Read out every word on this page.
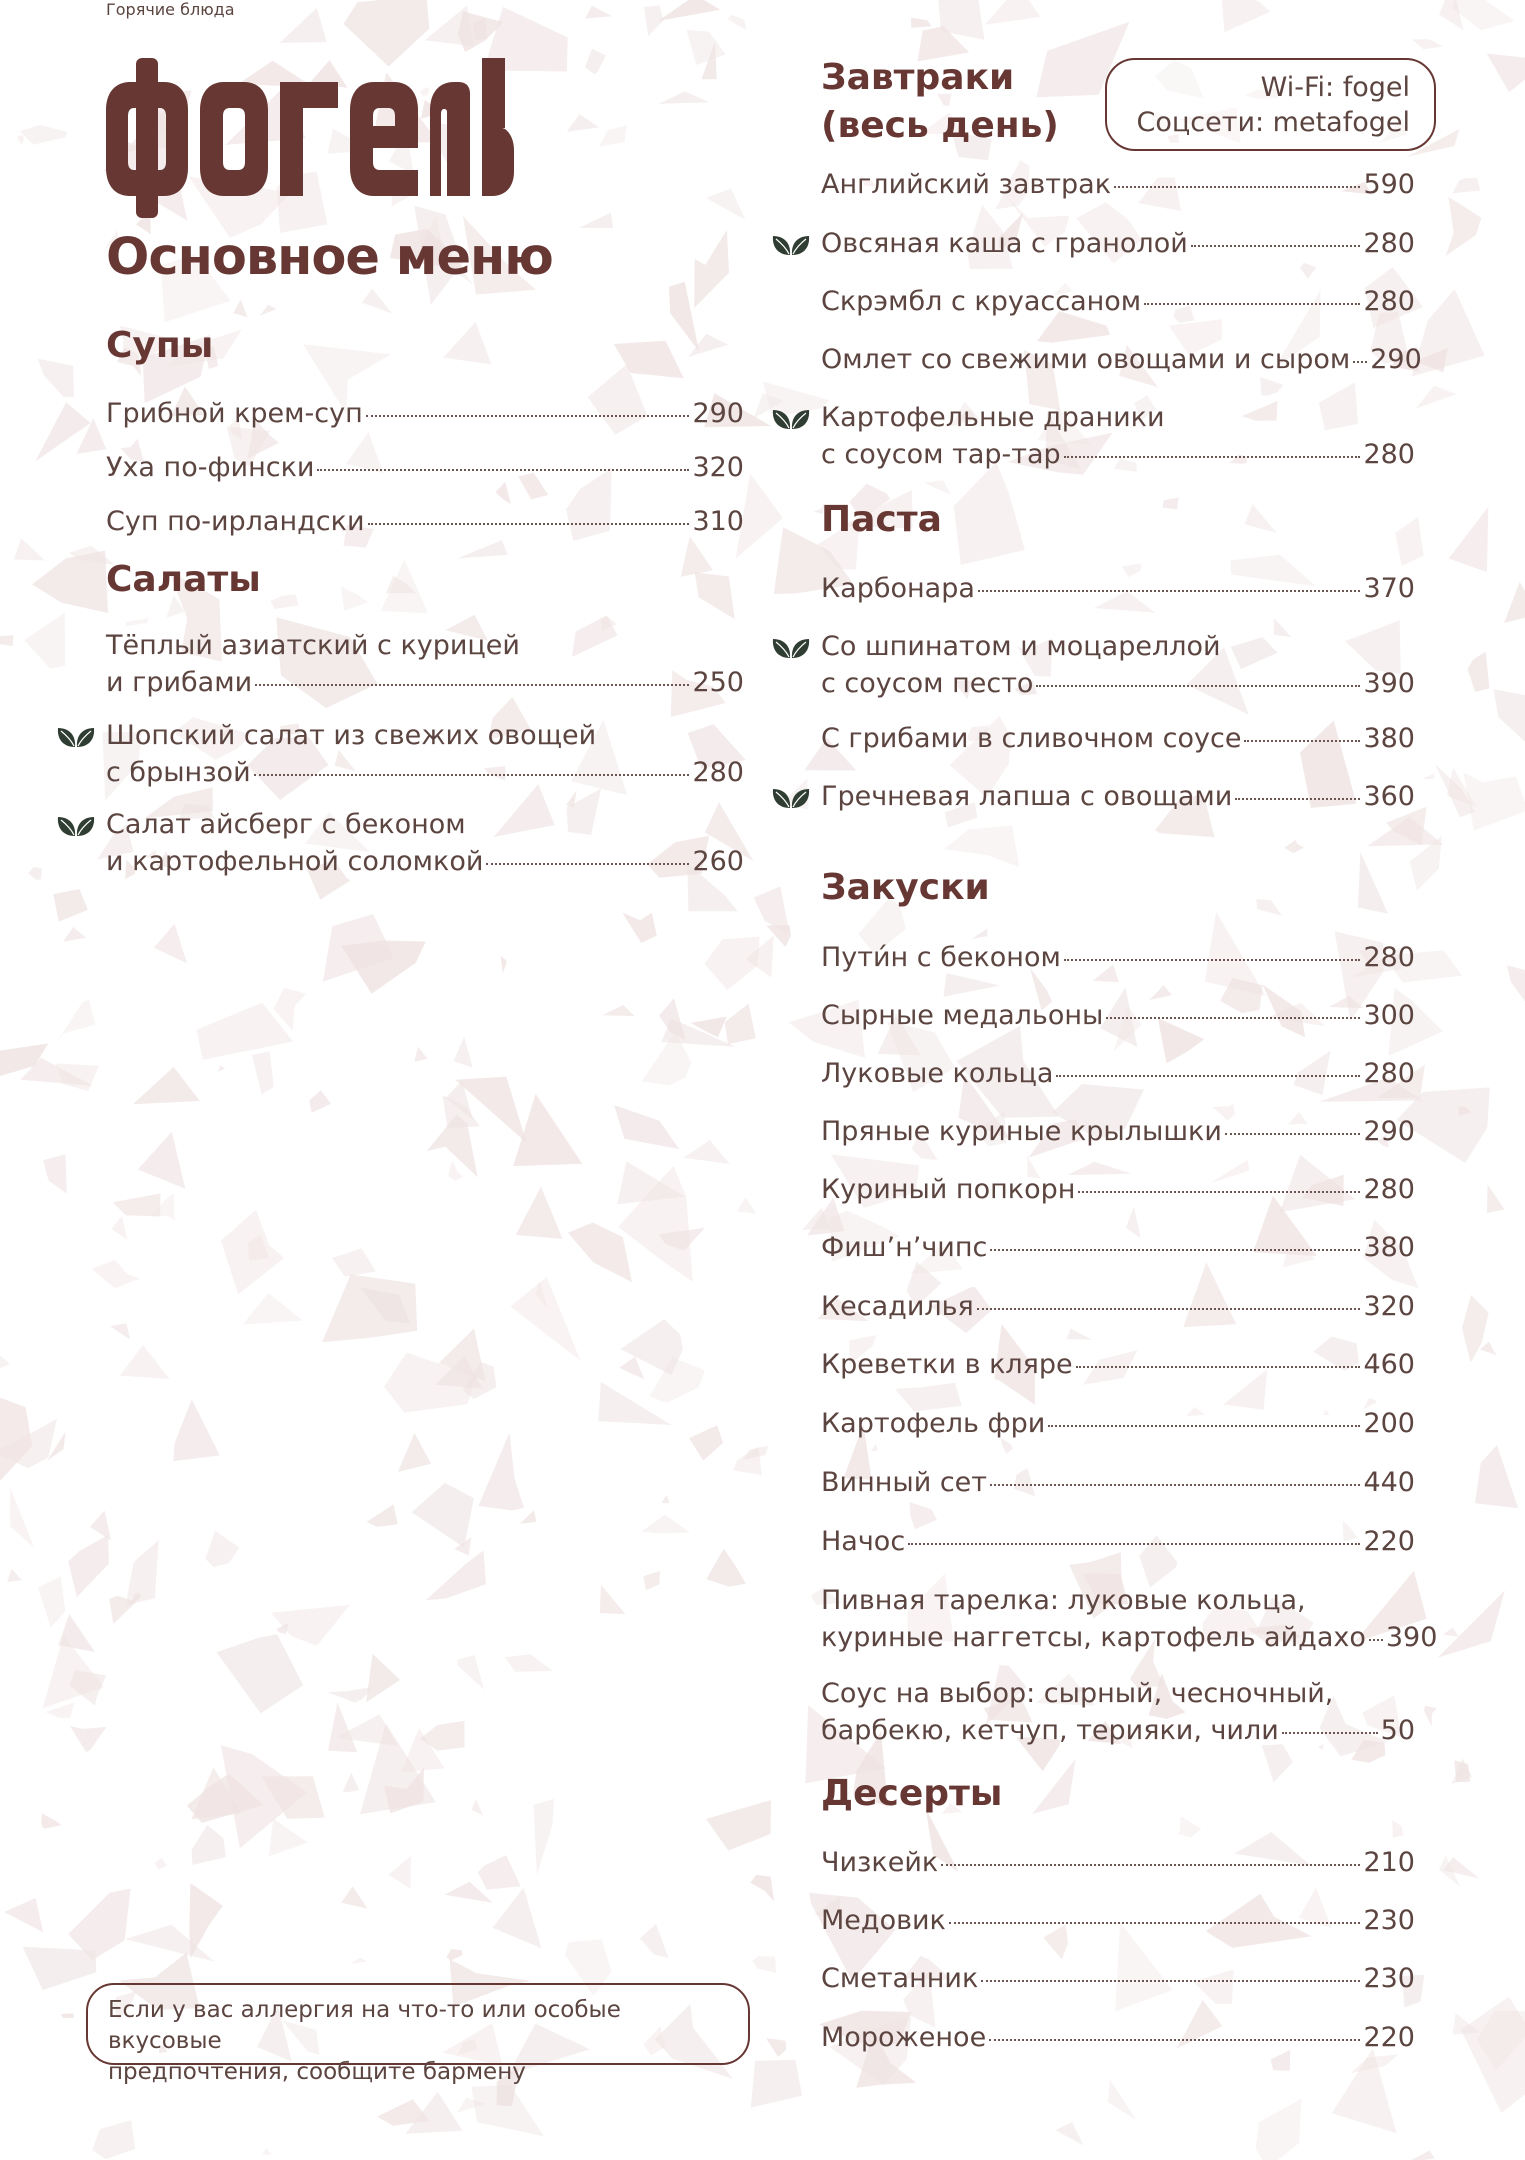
Основное меню
Wi-Fi: fogel
Соцсети: metafogel
Супы
Грибной крем-суп	290
Уха по-фински	320
Суп по-ирландски	310
Салаты
Тёплый азиатский с курицей
и грибами	250
Шопский салат из свежих овощей
с брынзой	280
Салат айсберг с беконом
и картофельной соломкой	260
Горячие блюда
Если у вас аллергия на что-то или особые вкусовые
предпочтения, сообщите бармену
Завтраки
(весь день)
Английский завтрак	590
Овсяная каша с гранолой	280
Скрэмбл с круассаном	280
Омлет со свежими овощами и сыром 290
Картофельные драники
с соусом тар-тар	280
Паста
Карбонара	370
Со шпинатом и моцареллой
с соусом песто	390
С грибами в сливочном соусе	380
Гречневая лапша с овощами	360
Закуски
Пути́н с беконом	280
Сырные медальоны	300
Луковые кольца	280
Пряные куриные крылышки	290
Куриный попкорн	280
Фиш’н’чипс	380
Кесадилья	320
Креветки в кляре	460
Картофель фри	200
Винный сет	440
Начос	220
Пивная тарелка: луковые кольца,
куриные наггетсы, картофель айдахо 390
Соус на выбор: сырный, чесночный,
барбекю, кетчуп, терияки, чили	50
Десерты
Чизкейк	210
Медовик	230
Сметанник	230
Мороженое	220
